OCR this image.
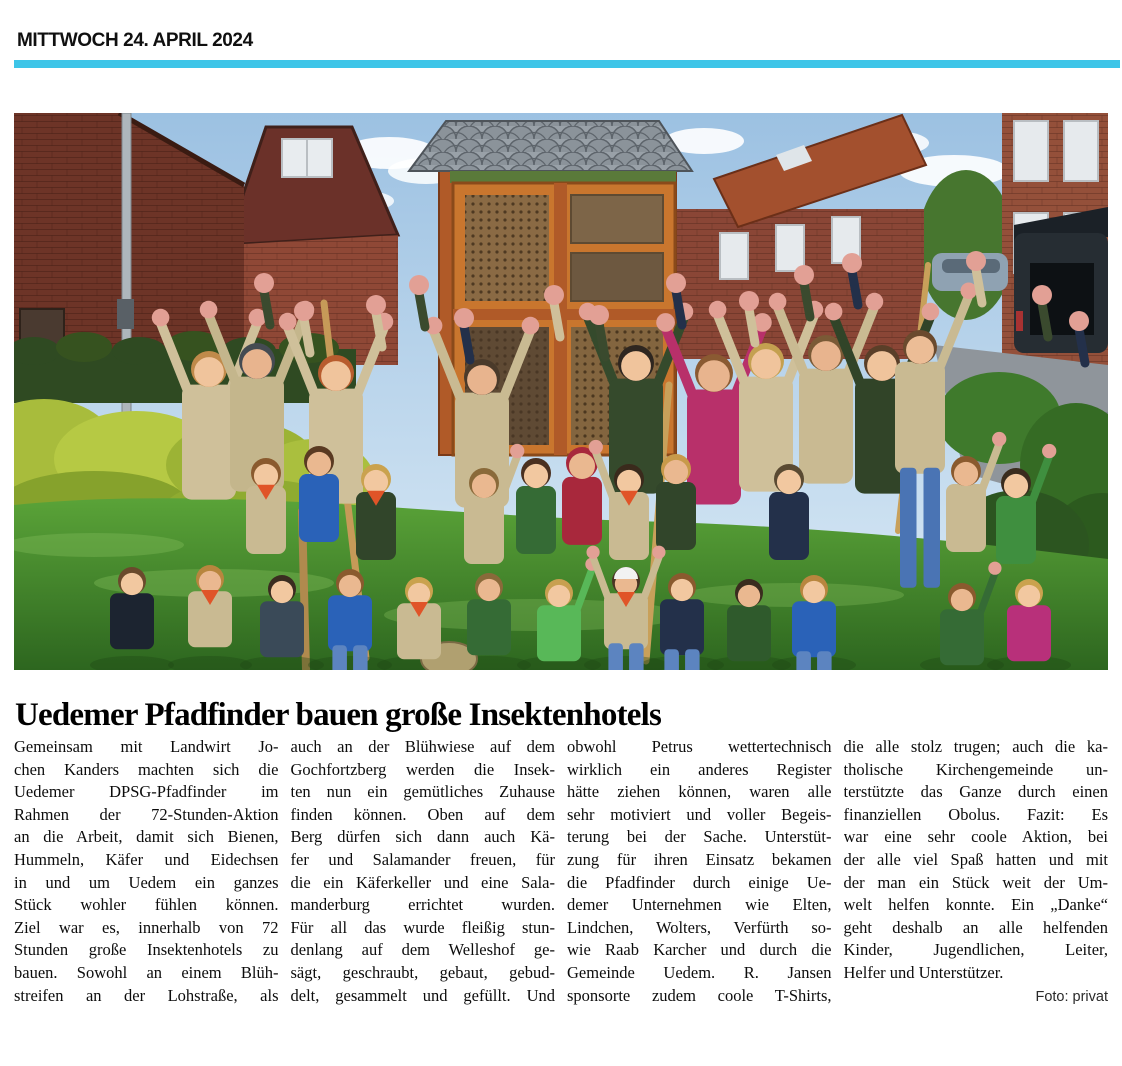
MITTWOCH 24. APRIL 2024
Uedemer Pfadfinder bauen große Insektenhotels
Gemeinsam mit Landwirt Jo-
chen Kanders machten sich die
Uedemer DPSG-Pfadfinder im
Rahmen der 72-Stunden-Aktion
an die Arbeit, damit sich Bienen,
Hummeln, Käfer und Eidechsen
in und um Uedem ein ganzes
Stück wohler fühlen können.
Ziel war es, innerhalb von 72
Stunden große Insektenhotels zu
bauen. Sowohl an einem Blüh-
streifen an der Lohstraße, als
auch an der Blühwiese auf dem
Gochfortzberg werden die Insek-
ten nun ein gemütliches Zuhause
finden können. Oben auf dem
Berg dürfen sich dann auch Kä-
fer und Salamander freuen, für
die ein Käferkeller und eine Sala-
manderburg errichtet wurden.
Für all das wurde fleißig stun-
denlang auf dem Welleshof ge-
sägt, geschraubt, gebaut, gebud-
delt, gesammelt und gefüllt. Und
obwohl Petrus wettertechnisch
wirklich ein anderes Register
hätte ziehen können, waren alle
sehr motiviert und voller Begeis-
terung bei der Sache. Unterstüt-
zung für ihren Einsatz bekamen
die Pfadfinder durch einige Ue-
demer Unternehmen wie Elten,
Lindchen, Wolters, Verfürth so-
wie Raab Karcher und durch die
Gemeinde Uedem. R. Jansen
sponsorte zudem coole T-Shirts,
die alle stolz trugen; auch die ka-
tholische Kirchengemeinde un-
terstützte das Ganze durch einen
finanziellen Obolus. Fazit: Es
war eine sehr coole Aktion, bei
der alle viel Spaß hatten und mit
der man ein Stück weit der Um-
welt helfen konnte. Ein „Danke“
geht deshalb an alle helfenden
Kinder, Jugendlichen, Leiter,
Helfer und Unterstützer.
Foto: privat
